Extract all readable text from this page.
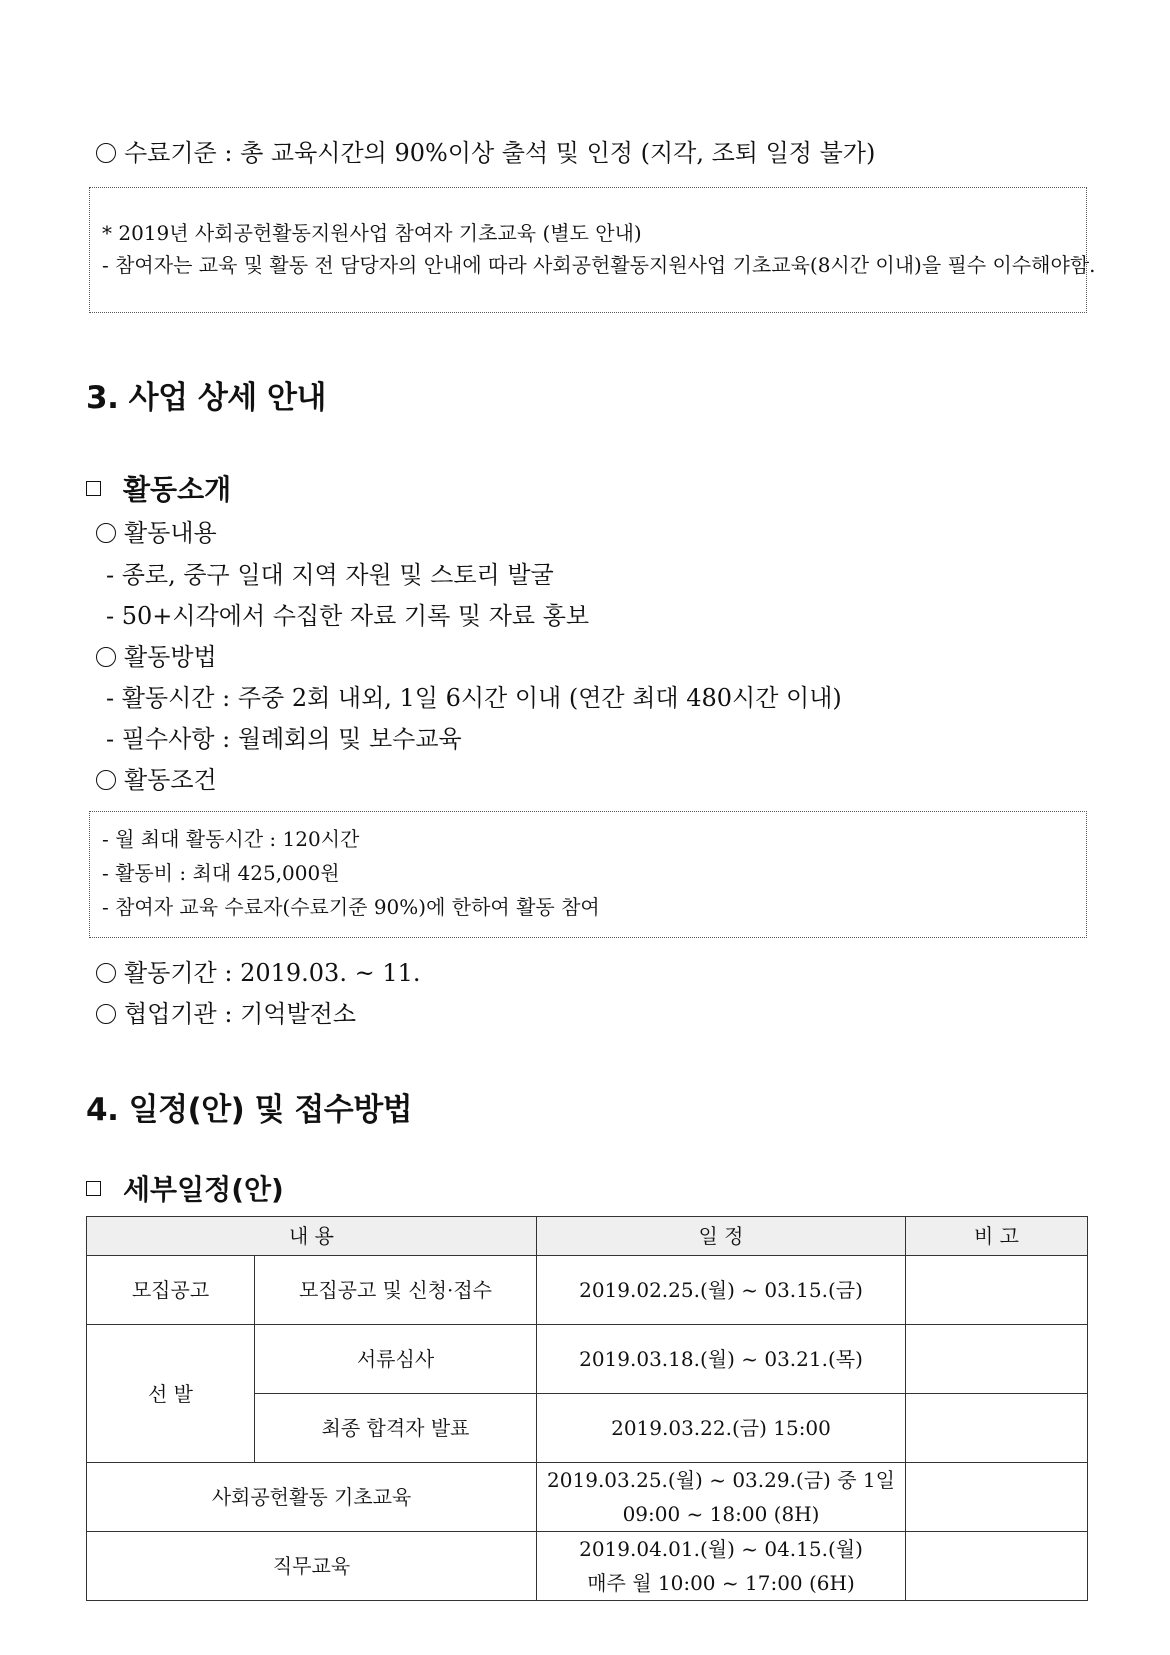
수료기준 : 총 교육시간의 90%이상 출석 및 인정 (지각, 조퇴 일정 불가)
* 2019년 사회공헌활동지원사업 참여자 기초교육 (별도 안내)
- 참여자는 교육 및 활동 전 담당자의 안내에 따라 사회공헌활동지원사업 기초교육(8시간 이내)을 필수 이수해야함.
3. 사업 상세 안내
활동소개
활동내용
- 종로, 중구 일대 지역 자원 및 스토리 발굴
- 50+시각에서 수집한 자료 기록 및 자료 홍보
활동방법
- 활동시간 : 주중 2회 내외, 1일 6시간 이내 (연간 최대 480시간 이내)
- 필수사항 : 월례회의 및 보수교육
활동조건
- 월 최대 활동시간 : 120시간
- 활동비 : 최대 425,000원
- 참여자 교육 수료자(수료기준 90%)에 한하여 활동 참여
활동기간 : 2019.03. ~ 11.
협업기관 : 기억발전소
4. 일정(안) 및 접수방법
세부일정(안)
내 용		일 정	비 고
모집공고	모집공고 및 신청·접수	2019.02.25.(월) ~ 03.15.(금)	
선 발	서류심사	2019.03.18.(월) ~ 03.21.(목)	
	최종 합격자 발표	2019.03.22.(금) 15:00	
사회공헌활동 기초교육		2019.03.25.(월) ~ 03.29.(금) 중 1일
09:00 ~ 18:00 (8H)	

직무교육		2019.04.01.(월) ~ 04.15.(월)
매주 월 10:00 ~ 17:00 (6H)	
